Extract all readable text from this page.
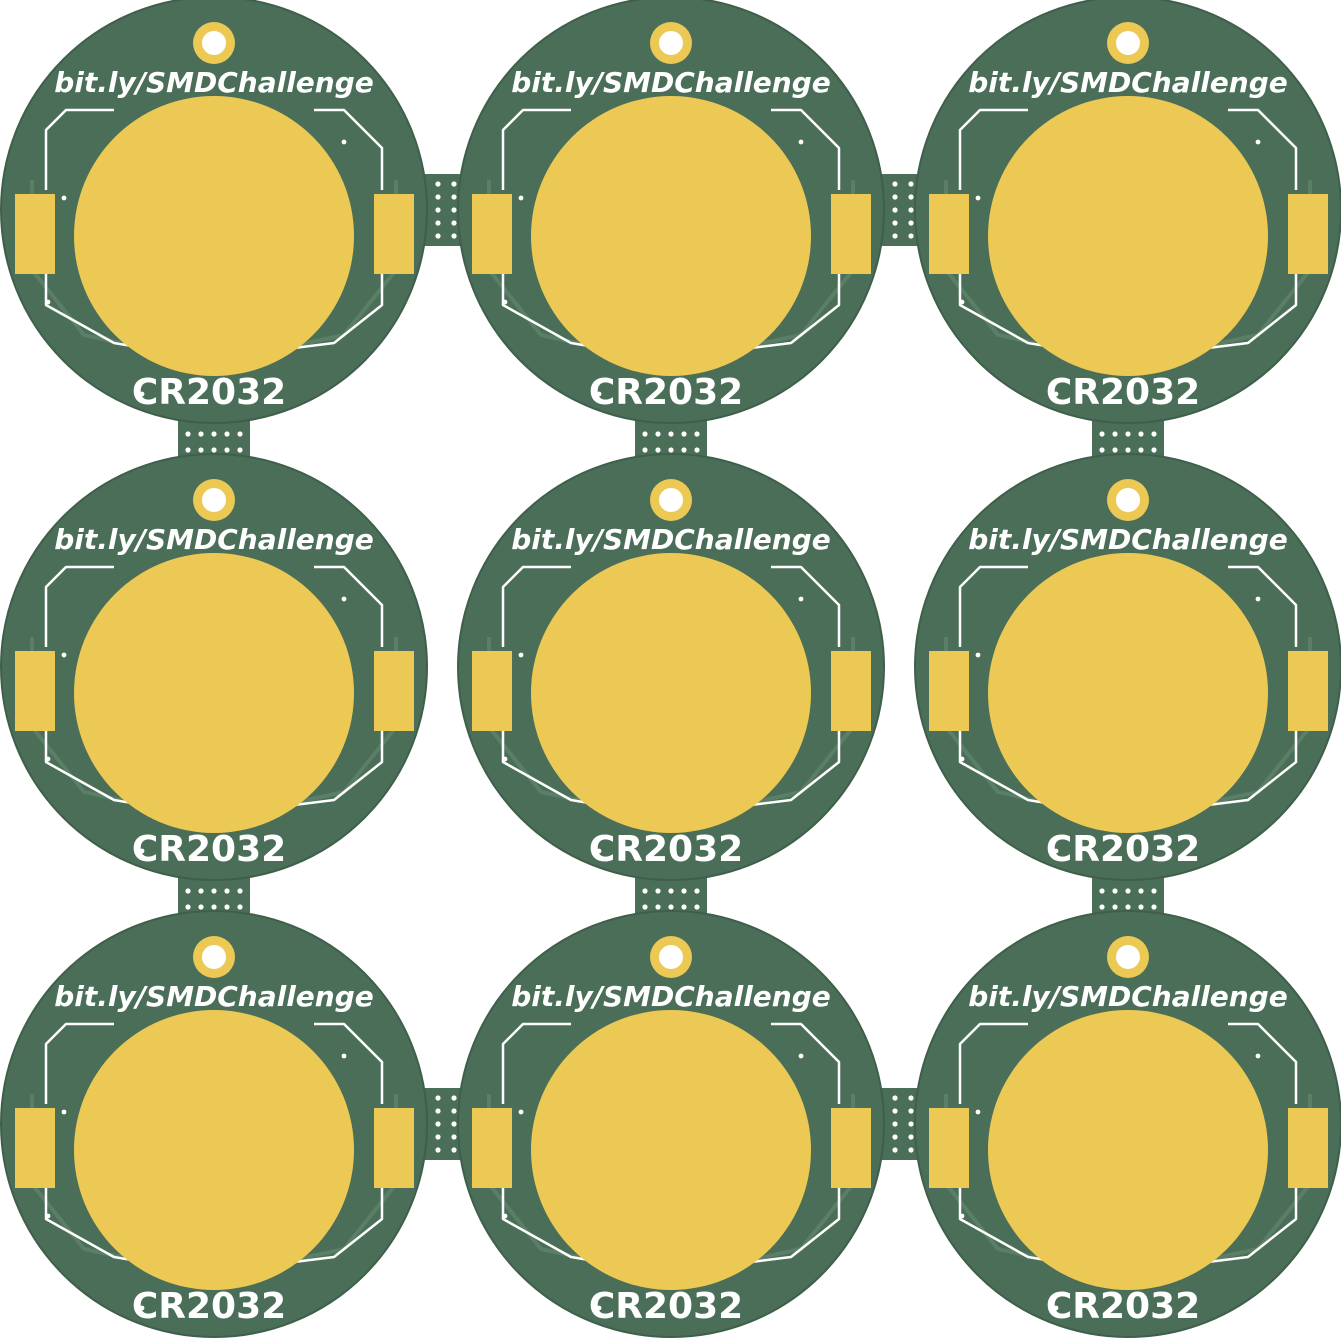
bit.ly/SMDChallenge
CR2032
bit.ly/SMDChallenge
CR2032
bit.ly/SMDChallenge
CR2032
bit.ly/SMDChallenge
CR2032
bit.ly/SMDChallenge
CR2032
bit.ly/SMDChallenge
CR2032
bit.ly/SMDChallenge
CR2032
bit.ly/SMDChallenge
CR2032
bit.ly/SMDChallenge
CR2032
